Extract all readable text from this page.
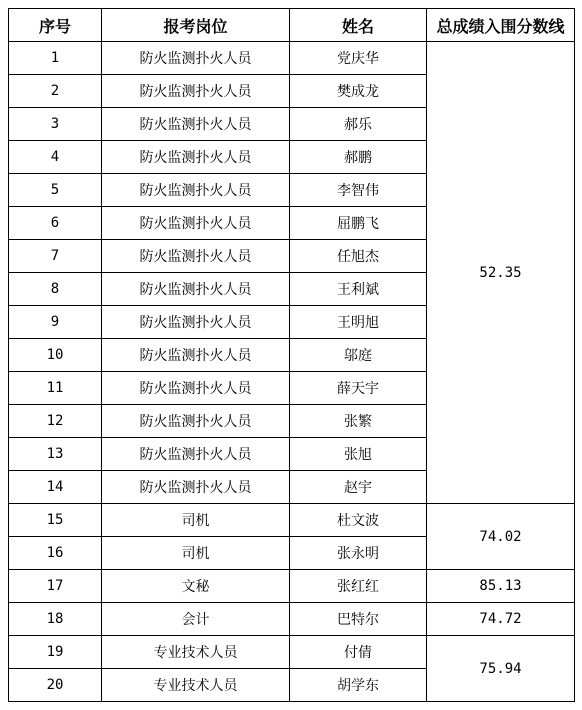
序号	报考岗位	姓名	总成绩入围分数线
1	防火监测扑火人员	党庆华	52.35
2	防火监测扑火人员	樊成龙	
3	防火监测扑火人员	郝乐	
4	防火监测扑火人员	郝鹏	
5	防火监测扑火人员	李智伟	
6	防火监测扑火人员	屈鹏飞	
7	防火监测扑火人员	任旭杰	
8	防火监测扑火人员	王利斌	
9	防火监测扑火人员	王明旭	
10	防火监测扑火人员	邬庭	
11	防火监测扑火人员	薛天宇	
12	防火监测扑火人员	张繁	
13	防火监测扑火人员	张旭	
14	防火监测扑火人员	赵宇	
15	司机	杜文波	74.02
16	司机	张永明	
17	文秘	张红红	85.13
18	会计	巴特尔	74.72
19	专业技术人员	付倩	75.94
20	专业技术人员	胡学东	
